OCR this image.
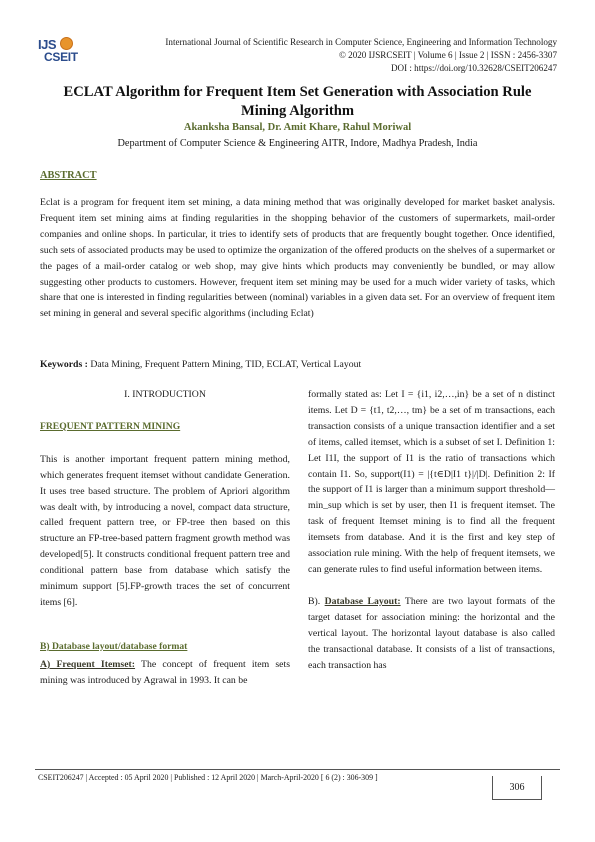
IJS
CSEIT
International Journal of Scientific Research in Computer Science, Engineering and Information Technology
© 2020 IJSRCSEIT | Volume 6 | Issue 2 | ISSN : 2456-3307
DOI : https://doi.org/10.32628/CSEIT206247
ECLAT Algorithm for Frequent Item Set Generation with Association Rule
Mining Algorithm
Akanksha Bansal, Dr. Amit Khare, Rahul Moriwal
Department of Computer Science & Engineering AITR, Indore, Madhya Pradesh, India
ABSTRACT
Eclat is a program for frequent item set mining, a data mining method that was originally developed for market basket analysis. Frequent item set mining aims at finding regularities in the shopping behavior of the customers of supermarkets, mail-order companies and online shops. In particular, it tries to identify sets of products that are frequently bought together. Once identified, such sets of associated products may be used to optimize the organization of the offered products on the shelves of a supermarket or the pages of a mail-order catalog or web shop, may give hints which products may conveniently be bundled, or may allow suggesting other products to customers. However, frequent item set mining may be used for a much wider variety of tasks, which share that one is interested in finding regularities between (nominal) variables in a given data set. For an overview of frequent item set mining in general and several specific algorithms (including Eclat)
Keywords : Data Mining, Frequent Pattern Mining, TID, ECLAT, Vertical Layout
I. INTRODUCTION
FREQUENT PATTERN MINING
This is another important frequent pattern mining method, which generates frequent itemset without candidate Generation. It uses tree based structure. The problem of Apriori algorithm was dealt with, by introducing a novel, compact data structure, called frequent pattern tree, or FP-tree then based on this structure an FP-tree-based pattern fragment growth method was developed[5]. It constructs conditional frequent pattern tree and conditional pattern base from database which satisfy the minimum support [5].FP-growth traces the set of concurrent items [6].
B) Database layout/database format
A) Frequent Itemset: The concept of frequent item sets mining was introduced by Agrawal in 1993. It can be
formally stated as: Let I = {i1, i2,…,in} be a set of n distinct items. Let D = {t1, t2,…, tm} be a set of m transactions, each transaction consists of a unique transaction identifier and a set of items, called itemset, which is a subset of set I. Definition 1: Let I1I, the support of I1 is the ratio of transactions which contain I1. So, support(I1) = |{t∈D|I1 t}|/|D|. Definition 2: If the support of I1 is larger than a minimum support threshold—min_sup which is set by user, then I1 is frequent itemset. The task of frequent Itemset mining is to find all the frequent itemsets from database. And it is the first and key step of association rule mining. With the help of frequent itemsets, we can generate rules to find useful information between items.
B). Database Layout: There are two layout formats of the target dataset for association mining: the horizontal and the vertical layout. The horizontal layout database is also called the transactional database. It consists of a list of transactions, each transaction has
CSEIT206247 | Accepted : 05 April 2020 | Published : 12 April 2020 | March-April-2020 [ 6 (2) : 306-309 ]
306
